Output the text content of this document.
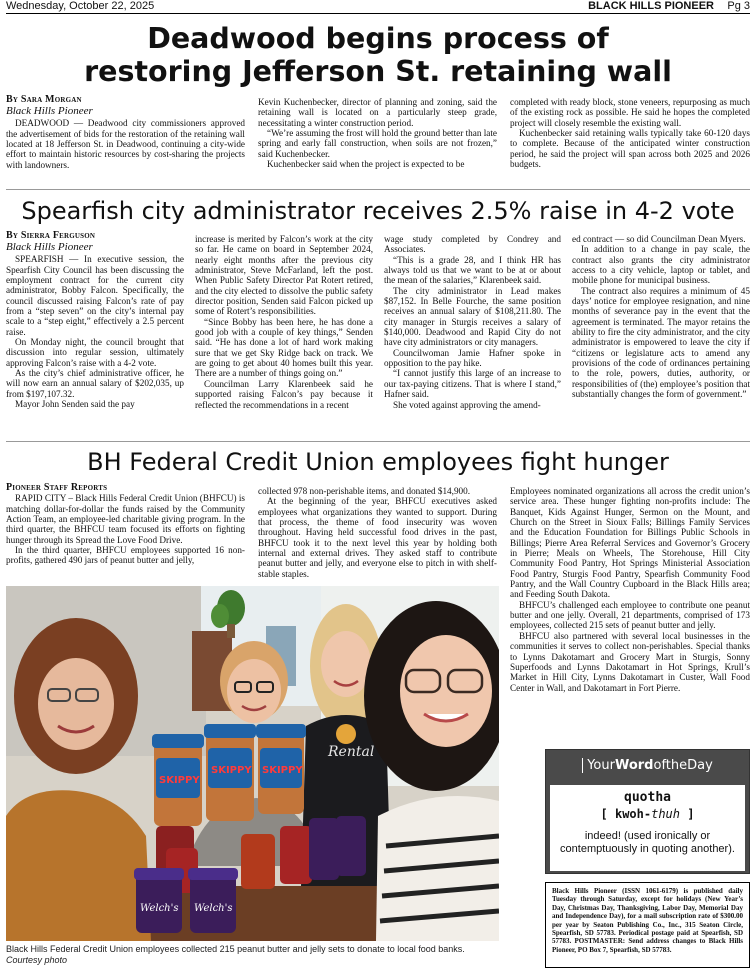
Wednesday, October 22, 2025	BLACK HILLS PIONEER Pg 3
Deadwood begins process of
restoring Jefferson St. retaining wall
By Sara Morgan
Black Hills Pioneer

DEADWOOD — Deadwood city commissioners approved the advertisement of bids for the restoration of the retaining wall located at 18 Jefferson St. in Deadwood, continuing a city-wide effort to maintain historic resources by cost-sharing the projects with landowners.

Kevin Kuchenbecker, director of planning and zoning, said the retaining wall is located on a particularly steep grade, necessitating a winter construction period.

“We’re assuming the frost will hold the ground better than late spring and early fall construction, when soils are not frozen,” said Kuchenbecker.

Kuchenbecker said when the project is expected to be

completed with ready block, stone veneers, repurposing as much of the existing rock as possible. He said he hopes the completed project will closely resemble the existing wall.

Kuchenbecker said retaining walls typically take 60-120 days to complete. Because of the anticipated winter construction period, he said the project will span across both 2025 and 2026 budgets.

Spearfish city administrator receives 2.5% raise in 4-2 vote
By Sierra Ferguson
Black Hills Pioneer

SPEARFISH — In executive session, the Spearfish City Council has been discussing the employment contract for the current city administrator, Bobby Falcon. Specifically, the council discussed raising Falcon’s rate of pay from a “step seven” on the city’s internal pay scale to a “step eight,” effectively a 2.5 percent raise.

On Monday night, the council brought that discussion into regular session, ultimately approving Falcon’s raise with a 4-2 vote.

As the city’s chief administrative officer, he will now earn an annual salary of $202,035, up from $197,107.32.

Mayor John Senden said the pay

increase is merited by Falcon’s work at the city so far. He came on board in September 2024, nearly eight months after the previous city administrator, Steve McFarland, left the post. When Public Safety Director Pat Rotert retired, and the city elected to dissolve the public safety director position, Senden said Falcon picked up some of Rotert’s responsibilities.

“Since Bobby has been here, he has done a good job with a couple of key things,” Senden said. “He has done a lot of hard work making sure that we get Sky Ridge back on track. We are going to get about 40 homes built this year. There are a number of things going on.”

Councilman Larry Klarenbeek said he supported raising Falcon’s pay because it reflected the recommendations in a recent

wage study completed by Condrey and Associates.

“This is a grade 28, and I think HR has always told us that we want to be at or about the mean of the salaries,” Klarenbeek said.

The city administrator in Lead makes $87,152. In Belle Fourche, the same position receives an annual salary of $108,211.80. The city manager in Sturgis receives a salary of $140,000. Deadwood and Rapid City do not have city administrators or city managers.

Councilwoman Jamie Hafner spoke in opposition to the pay hike.

“I cannot justify this large of an increase to our tax-paying citizens. That is where I stand,” Hafner said.

She voted against approving the amend-

ed contract — so did Councilman Dean Myers.

In addition to a change in pay scale, the contract also grants the city administrator access to a city vehicle, laptop or tablet, and mobile phone for municipal business.

The contract also requires a minimum of 45 days’ notice for employee resignation, and nine months of severance pay in the event that the agreement is terminated. The mayor retains the ability to fire the city administrator, and the city administrator is empowered to leave the city if “citizens or legislature acts to amend any provisions of the code of ordinances pertaining to the role, powers, duties, authority, or responsibilities of (the) employee’s position that substantially changes the form of government.”

BH Federal Credit Union employees fight hunger
Pioneer Staff Reports

RAPID CITY – Black Hills Federal Credit Union (BHFCU) is matching dollar-for-dollar the funds raised by the Community Action Team, an employee-led charitable giving program. In the third quarter, the BHFCU team focused its efforts on fighting hunger through its Spread the Love Food Drive.

In the third quarter, BHFCU employees supported 16 non-profits, gathered 490 jars of peanut butter and jelly,

collected 978 non-perishable items, and donated $14,900.

At the beginning of the year, BHFCU executives asked employees what organizations they wanted to support. During that process, the theme of food insecurity was woven throughout. Having held successful food drives in the past, BHFCU took it to the next level this year by holding both internal and external drives. They asked staff to contribute peanut butter and jelly, and everyone else to pitch in with shelf-stable staples.

Employees nominated organizations all across the credit union’s service area. These hunger fighting non-profits include: The Banquet, Kids Against Hunger, Sermon on the Mount, and Church on the Street in Sioux Falls; Billings Family Services and the Education Foundation for Billings Public Schools in Billings; Pierre Area Referral Services and Governor’s Grocery in Pierre; Meals on Wheels, The Storehouse, Hill City Community Food Pantry, Hot Springs Ministerial Association Food Pantry, Sturgis Food Pantry, Spearfish Community Food Pantry, and the Wall Country Cupboard in the Black Hills area; and Feeding South Dakota.

BHFCU’s challenged each employee to contribute one peanut butter and one jelly. Overall, 21 departments, comprised of 173 employees, collected 215 sets of peanut butter and jelly.

BHFCU also partnered with several local businesses in the communities it serves to collect non-perishables. Special thanks to Lynns Dakotamart and Grocery Mart in Sturgis, Sonny Superfoods and Lynns Dakotamart in Hot Springs, Krull’s Market in Hill City, Lynns Dakotamart in Custer, Wall Food Center in Wall, and Dakotamart in Fort Pierre.

Rental
SKIPPY
SKIPPY SKIPPY
Welch's Welch's
Black Hills Federal Credit Union employees collected 215 peanut butter and jelly sets to donate to local food banks.
Courtesy photo
YourWordoftheDay
quotha
[ kwoh-thuh ]
indeed! (used ironically or contemptuously in quoting another).
Black Hills Pioneer (ISSN 1061-6179) is published daily Tuesday through Saturday, except for holidays (New Year’s Day, Christmas Day, Thanksgiving, Labor Day, Memorial Day and Independence Day), for a mail subscription rate of $300.00 per year by Seaton Publishing Co., Inc., 315 Seaton Circle, Spearfish, SD 57783. Periodical postage paid at Spearfish, SD 57783. POSTMASTER: Send address changes to Black Hills Pioneer, PO Box 7, Spearfish, SD 57783.
